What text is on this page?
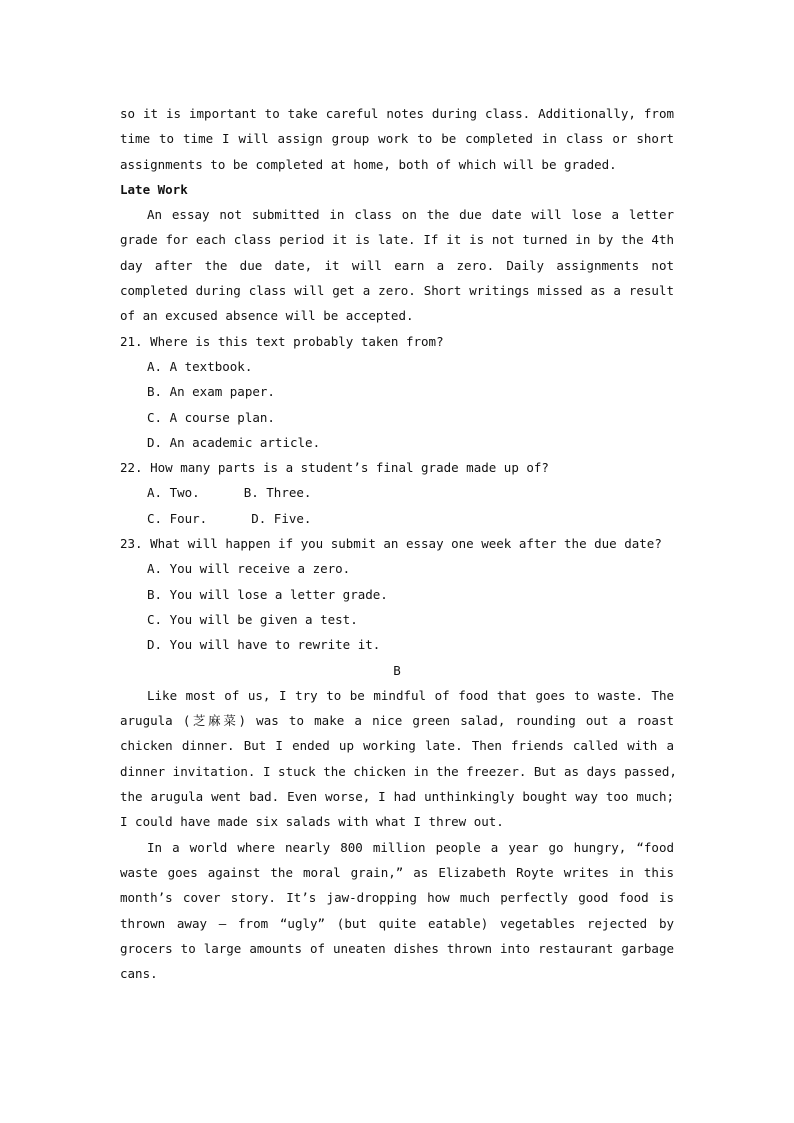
so it is important to take careful notes during class. Additionally, from
time to time I will assign group work to be completed in class or short
assignments to be completed at home, both of which will be graded.
Late Work
An essay not submitted in class on the due date will lose a letter
grade for each class period it is late. If it is not turned in by the 4th
day after the due date, it will earn a zero. Daily assignments not
completed during class will get a zero. Short writings missed as a result
of an excused absence will be accepted.
21. Where is this text probably taken from?
A. A textbook.
B. An exam paper.
C. A course plan.
D. An academic article.
22. How many parts is a student’s final grade made up of?
A. Two.	B. Three.
C. Four.	D. Five.
23. What will happen if you submit an essay one week after the due date?
A. You will receive a zero.
B. You will lose a letter grade.
C. You will be given a test.
D. You will have to rewrite it.
B
Like most of us, I try to be mindful of food that goes to waste. The
arugula (芝麻菜) was to make a nice green salad, rounding out a roast
chicken dinner. But I ended up working late. Then friends called with a
dinner invitation. I stuck the chicken in the freezer. But as days passed,
the arugula went bad. Even worse, I had unthinkingly bought way too much;
I could have made six salads with what I threw out.
In a world where nearly 800 million people a year go hungry, “food
waste goes against the moral grain,” as Elizabeth Royte writes in this
month’s cover story. It’s jaw-dropping how much perfectly good food is
thrown away — from “ugly” (but quite eatable) vegetables rejected by
grocers to large amounts of uneaten dishes thrown into restaurant garbage
cans.
